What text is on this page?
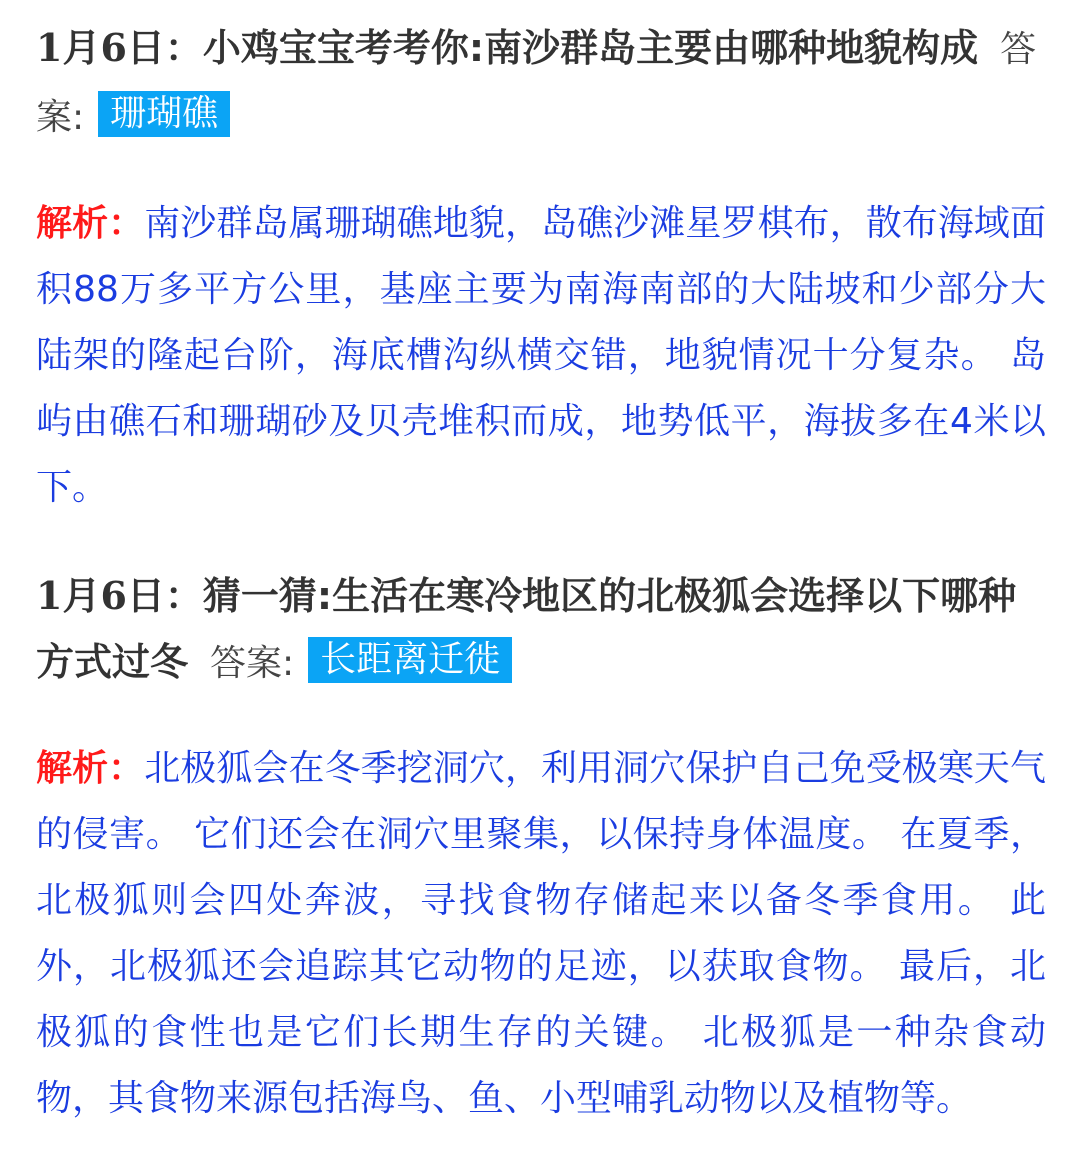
1月6日：小鸡宝宝考考你:南沙群岛主要由哪种地貌构成 答案: 珊瑚礁

解析：南沙群岛属珊瑚礁地貌，岛礁沙滩星罗棋布，散布海域面积88万多平方公里，基座主要为南海南部的大陆坡和少部分大陆架的隆起台阶，海底槽沟纵横交错，地貌情况十分复杂。 岛屿由礁石和珊瑚砂及贝壳堆积而成，地势低平，海拔多在4米以下。

1月6日：猜一猜:生活在寒冷地区的北极狐会选择以下哪种方式过冬 答案: 长距离迁徙

解析：北极狐会在冬季挖洞穴，利用洞穴保护自己免受极寒天气的侵害。 它们还会在洞穴里聚集，以保持身体温度。 在夏季，北极狐则会四处奔波，寻找食物存储起来以备冬季食用。 此外，北极狐还会追踪其它动物的足迹，以获取食物。 最后，北极狐的食性也是它们长期生存的关键。 北极狐是一种杂食动物，其食物来源包括海鸟、鱼、小型哺乳动物以及植物等。
